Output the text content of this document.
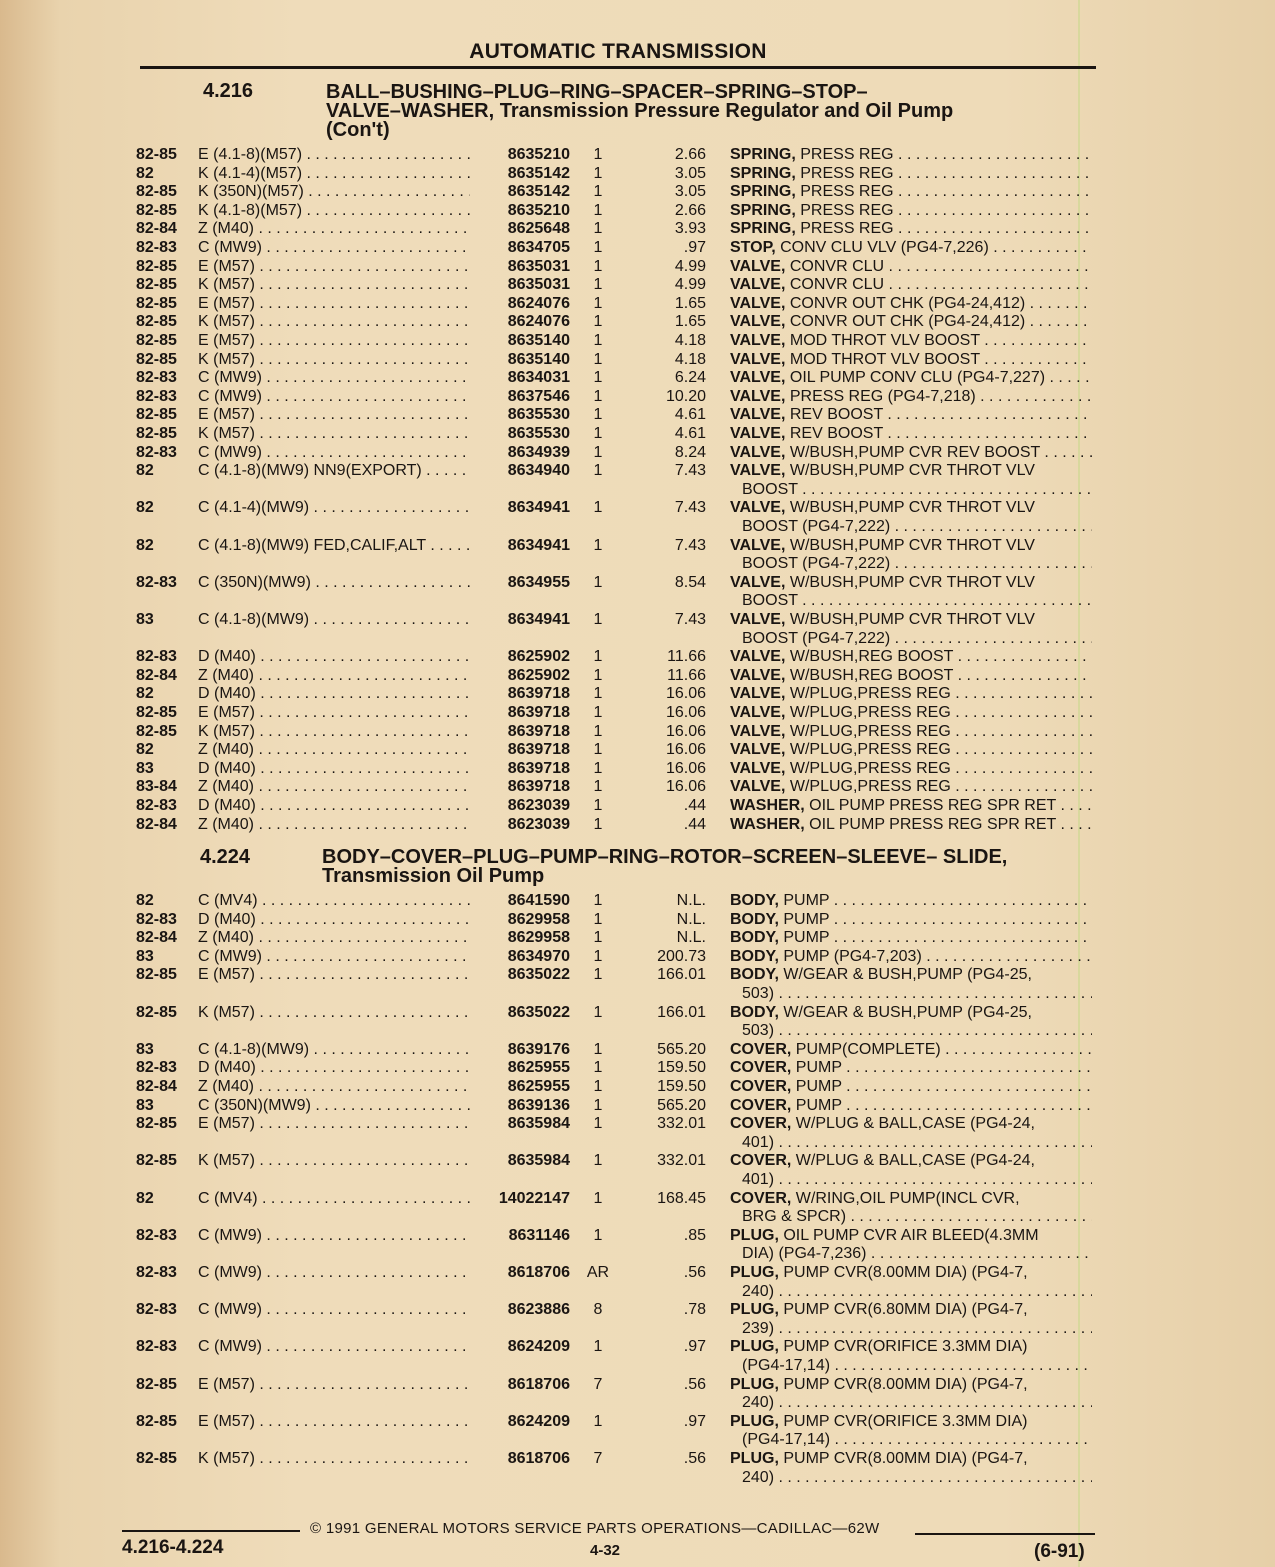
AUTOMATIC TRANSMISSION
4.216	BALL–BUSHING–PLUG–RING–SPACER–SPRING–STOP–
VALVE–WASHER, Transmission Pressure Regulator and Oil Pump
(Con't)
82-85 E (4.1-8)(M57) . . .	8635210	1	2.66 SPRING, PRESS REG . . .
82	K (4.1-4)(M57) . . .	8635142	1	3.05 SPRING, PRESS REG . . .
82-85 K (350N)(M57) . . .	8635142	1	3.05 SPRING, PRESS REG . . .
82-85 K (4.1-8)(M57) . . .	8635210	1	2.66 SPRING, PRESS REG . . .
82-84 Z (M40) . . .	8625648	1	3.93 SPRING, PRESS REG . . .
82-83 C (MW9) . . .	8634705	1	.97 STOP, CONV CLU VLV (PG4-7,226) . . .
82-85 E (M57) . . .	8635031	1	4.99 VALVE, CONVR CLU . . .
82-85 K (M57) . . .	8635031	1	4.99 VALVE, CONVR CLU . . .
82-85 E (M57) . . .	8624076	1	1.65 VALVE, CONVR OUT CHK (PG4-24,412) . . .
82-85 K (M57) . . .	8624076	1	1.65 VALVE, CONVR OUT CHK (PG4-24,412) . . .
82-85 E (M57) . . .	8635140	1	4.18 VALVE, MOD THROT VLV BOOST . . .
82-85 K (M57) . . .	8635140	1	4.18 VALVE, MOD THROT VLV BOOST . . .
82-83 C (MW9) . . .	8634031	1	6.24 VALVE, OIL PUMP CONV CLU (PG4-7,227) . . .
82-83 C (MW9) . . .	8637546	1	10.20 VALVE, PRESS REG (PG4-7,218) . . .
82-85 E (M57) . . .	8635530	1	4.61 VALVE, REV BOOST . . .
82-85 K (M57) . . .	8635530	1	4.61 VALVE, REV BOOST . . .
82-83 C (MW9) . . .	8634939	1	8.24 VALVE, W/BUSH,PUMP CVR REV BOOST . . .
82	C (4.1-8)(MW9) NN9(EXPORT) . . .	8634940	1	7.43 VALVE, W/BUSH,PUMP CVR THROT VLV
BOOST . . .
82	C (4.1-4)(MW9) . . .	8634941	1	7.43 VALVE, W/BUSH,PUMP CVR THROT VLV
BOOST (PG4-7,222) . . .
82	C (4.1-8)(MW9) FED,CALIF,ALT . . .	8634941	1	7.43 VALVE, W/BUSH,PUMP CVR THROT VLV
BOOST (PG4-7,222) . . .
82-83 C (350N)(MW9) . . .	8634955	1	8.54 VALVE, W/BUSH,PUMP CVR THROT VLV
BOOST . . .
83	C (4.1-8)(MW9) . . .	8634941	1	7.43 VALVE, W/BUSH,PUMP CVR THROT VLV
BOOST (PG4-7,222) . . .
82-83 D (M40) . . .	8625902	1	11.66 VALVE, W/BUSH,REG BOOST . . .
82-84 Z (M40) . . .	8625902	1	11.66 VALVE, W/BUSH,REG BOOST . . .
82	D (M40) . . .	8639718	1	16.06 VALVE, W/PLUG,PRESS REG . . .
82-85 E (M57) . . .	8639718	1	16.06 VALVE, W/PLUG,PRESS REG . . .
82-85 K (M57) . . .	8639718	1	16.06 VALVE, W/PLUG,PRESS REG . . .
82	Z (M40) . . .	8639718	1	16.06 VALVE, W/PLUG,PRESS REG . . .
83	D (M40) . . .	8639718	1	16.06 VALVE, W/PLUG,PRESS REG . . .
83-84 Z (M40) . . .	8639718	1	16.06 VALVE, W/PLUG,PRESS REG . . .
82-83 D (M40) . . .	8623039	1	.44 WASHER, OIL PUMP PRESS REG SPR RET . . .
82-84 Z (M40) . . .	8623039	1	.44 WASHER, OIL PUMP PRESS REG SPR RET . . .
4.224	BODY–COVER–PLUG–PUMP–RING–ROTOR–SCREEN–SLEEVE– SLIDE,
Transmission Oil Pump
82	C (MV4) . . .	8641590	1	N.L. BODY, PUMP . . .
82-83 D (M40) . . .	8629958	1	N.L. BODY, PUMP . . .
82-84 Z (M40) . . .	8629958	1	N.L. BODY, PUMP . . .
83	C (MW9) . . .	8634970	1	200.73 BODY, PUMP (PG4-7,203) . . .
82-85 E (M57) . . .	8635022	1	166.01 BODY, W/GEAR & BUSH,PUMP (PG4-25,
503) . . .
82-85 K (M57) . . .	8635022	1	166.01 BODY, W/GEAR & BUSH,PUMP (PG4-25,
503) . . .
83	C (4.1-8)(MW9) . . .	8639176	1	565.20 COVER, PUMP(COMPLETE) . . .
82-83 D (M40) . . .	8625955	1	159.50 COVER, PUMP . . .
82-84 Z (M40) . . .	8625955	1	159.50 COVER, PUMP . . .
83	C (350N)(MW9) . . .	8639136	1	565.20 COVER, PUMP . . .
82-85 E (M57) . . .	8635984	1	332.01 COVER, W/PLUG & BALL,CASE (PG4-24,
401) . . .
82-85 K (M57) . . .	8635984	1	332.01 COVER, W/PLUG & BALL,CASE (PG4-24,
401) . . .
82	C (MV4) . . .	14022147	1	168.45 COVER, W/RING,OIL PUMP(INCL CVR,
BRG & SPCR) . . .
82-83 C (MW9) . . .	8631146	1	.85 PLUG, OIL PUMP CVR AIR BLEED(4.3MM
DIA) (PG4-7,236) . . .
82-83 C (MW9) . . .	8618706	AR	.56 PLUG, PUMP CVR(8.00MM DIA) (PG4-7,
240) . . .
82-83 C (MW9) . . .	8623886	8	.78 PLUG, PUMP CVR(6.80MM DIA) (PG4-7,
239) . . .
82-83 C (MW9) . . .	8624209	1	.97 PLUG, PUMP CVR(ORIFICE 3.3MM DIA)
(PG4-17,14) . . .
82-85 E (M57) . . .	8618706	7	.56 PLUG, PUMP CVR(8.00MM DIA) (PG4-7,
240) . . .
82-85 E (M57) . . .	8624209	1	.97 PLUG, PUMP CVR(ORIFICE 3.3MM DIA)
(PG4-17,14) . . .
82-85 K (M57) . . .	8618706	7	.56 PLUG, PUMP CVR(8.00MM DIA) (PG4-7,
240) . . .
© 1991 GENERAL MOTORS SERVICE PARTS OPERATIONS—CADILLAC—62W
4.216-4.224	4-32	(6-91)
